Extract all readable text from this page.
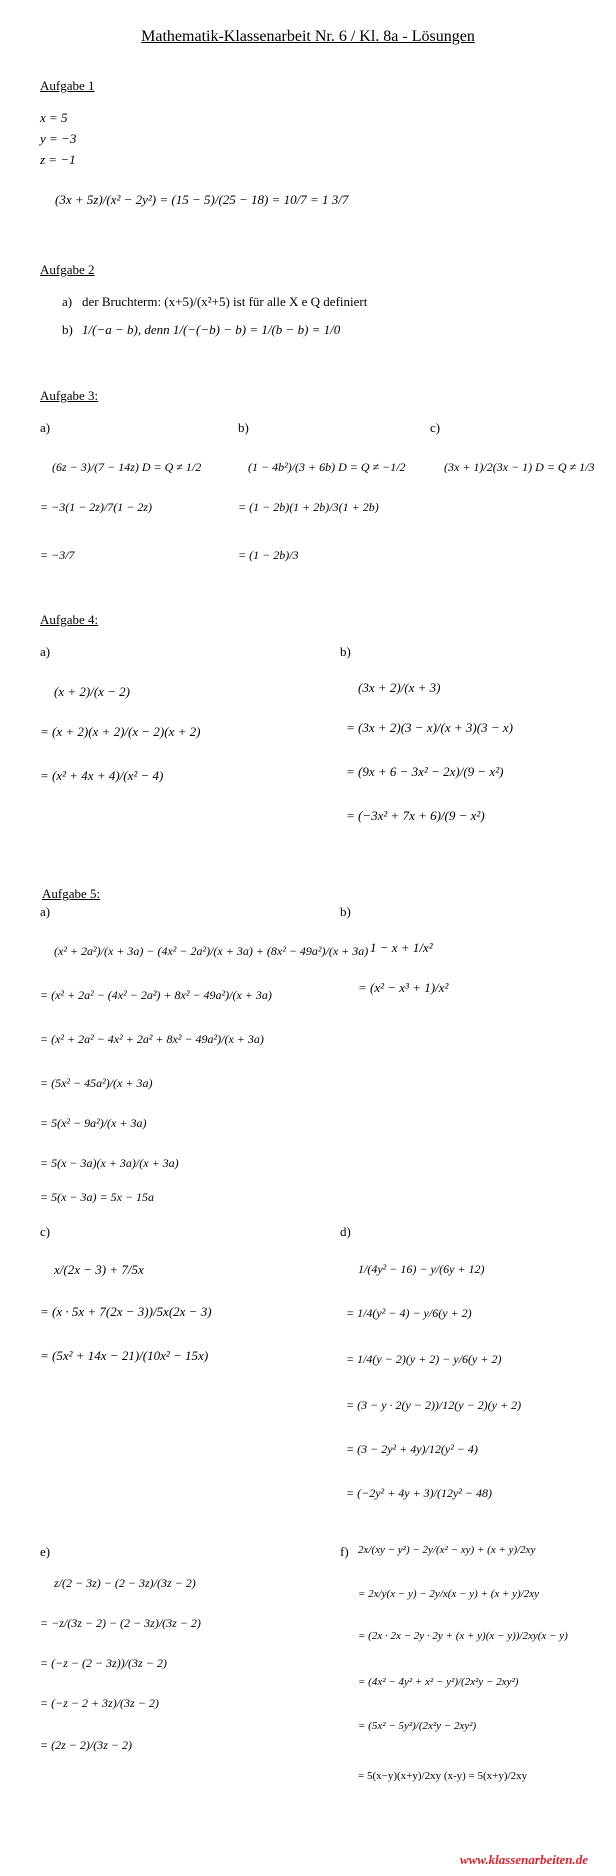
Mathematik-Klassenarbeit Nr. 6 / Kl. 8a - Lösungen
Aufgabe 1
x = 5
y = −3
z = −1
(3x + 5z)/(x² − 2y²) = (15 − 5)/(25 − 18) = 10/7 = 1 3/7
Aufgabe 2
a) der Bruchterm: (x+5)/(x²+5) ist für alle X e Q definiert
b) 1/(−a − b), denn 1/(−(−b) − b) = 1/(b − b) = 1/0
Aufgabe 3:
a)
(6z − 3)/(7 − 14z) D = Q ≠ 1/2
= −3(1 − 2z)/7(1 − 2z)
= −3/7
b)
(1 − 4b²)/(3 + 6b) D = Q ≠ −1/2
= (1 − 2b)(1 + 2b)/3(1 + 2b)
= (1 − 2b)/3
c)
(3x + 1)/2(3x − 1) D = Q ≠ 1/3
Aufgabe 4:
a)
(x + 2)/(x − 2)
= (x + 2)(x + 2)/(x − 2)(x + 2)
= (x² + 4x + 4)/(x² − 4)
b)
(3x + 2)/(x + 3)
= (3x + 2)(3 − x)/(x + 3)(3 − x)
= (9x + 6 − 3x² − 2x)/(9 − x²)
= (−3x² + 7x + 6)/(9 − x²)
Aufgabe 5:
a)
(x² + 2a²)/(x + 3a) − (4x² − 2a²)/(x + 3a) + (8x² − 49a²)/(x + 3a)
= (x² + 2a² − (4x² − 2a²) + 8x² − 49a²)/(x + 3a)
= (x² + 2a² − 4x² + 2a² + 8x² − 49a²)/(x + 3a)
= (5x² − 45a²)/(x + 3a)
= 5(x² − 9a²)/(x + 3a)
= 5(x − 3a)(x + 3a)/(x + 3a)
= 5(x − 3a) = 5x − 15a
b)
1 − x + 1/x²
= (x² − x³ + 1)/x²
c)
x/(2x − 3) + 7/5x
= (x · 5x + 7(2x − 3))/5x(2x − 3)
= (5x² + 14x − 21)/(10x² − 15x)
d)
1/(4y² − 16) − y/(6y + 12)
= 1/4(y² − 4) − y/6(y + 2)
= 1/4(y − 2)(y + 2) − y/6(y + 2)
= (3 − y · 2(y − 2))/12(y − 2)(y + 2)
= (3 − 2y² + 4y)/12(y² − 4)
= (−2y² + 4y + 3)/(12y² − 48)
e)
z/(2 − 3z) − (2 − 3z)/(3z − 2)
= −z/(3z − 2) − (2 − 3z)/(3z − 2)
= (−z − (2 − 3z))/(3z − 2)
= (−z − 2 + 3z)/(3z − 2)
= (2z − 2)/(3z − 2)
f) 2x/(xy − y²) − 2y/(x² − xy) + (x + y)/2xy
= 2x/y(x − y) − 2y/x(x − y) + (x + y)/2xy
= (2x · 2x − 2y · 2y + (x + y)(x − y))/2xy(x − y)
= (4x² − 4y² + x² − y²)/(2x²y − 2xy²)
= (5x² − 5y²)/(2x²y − 2xy²)
= 5(x−y)(x+y)/2xy (x-y) = 5(x+y)/2xy
www.klassenarbeiten.de
